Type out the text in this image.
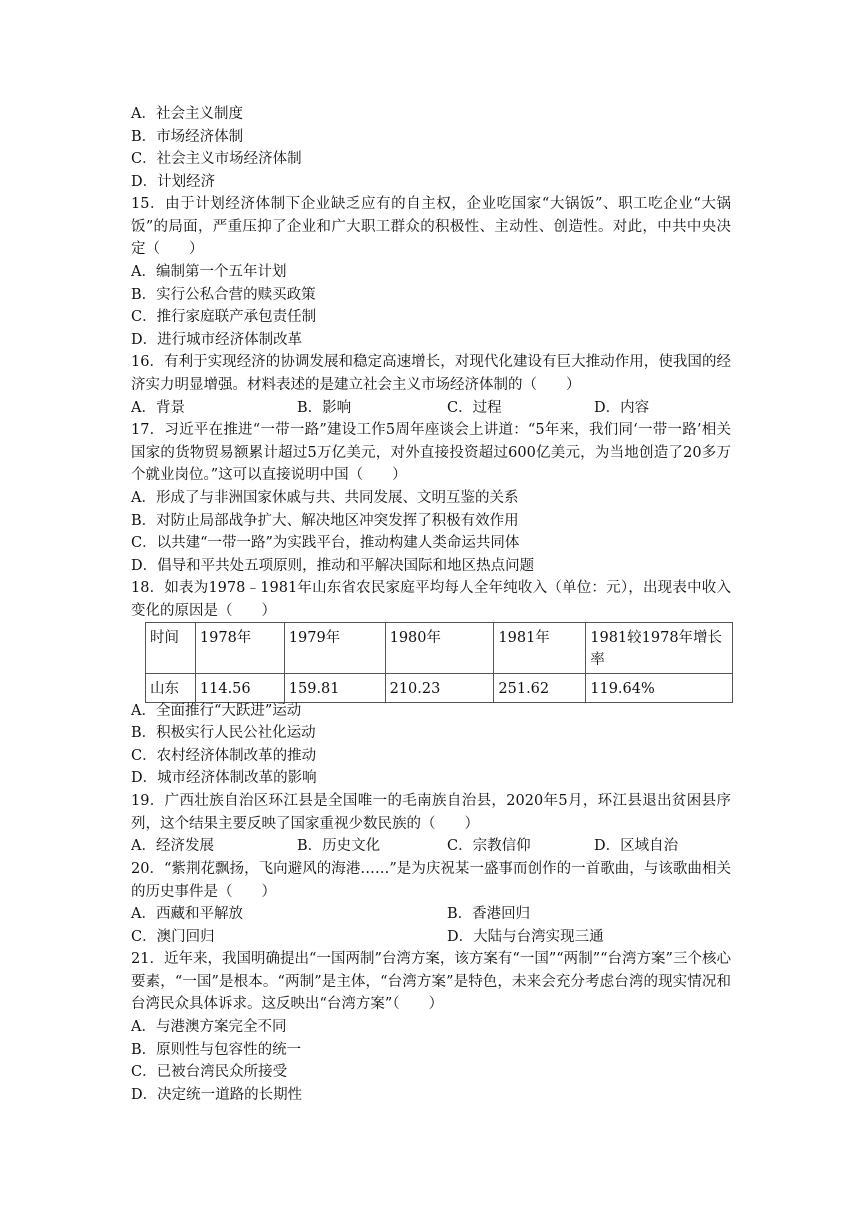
A．社会主义制度
B．市场经济体制
C．社会主义市场经济体制
D．计划经济
15．由于计划经济体制下企业缺乏应有的自主权，企业吃国家“大锅饭”、职工吃企业“大锅饭”的局面，严重压抑了企业和广大职工群众的积极性、主动性、创造性。对此，中共中央决定（　　）
A．编制第一个五年计划
B．实行公私合营的赎买政策
C．推行家庭联产承包责任制
D．进行城市经济体制改革
16．有利于实现经济的协调发展和稳定高速增长，对现代化建设有巨大推动作用，使我国的经济实力明显增强。材料表述的是建立社会主义市场经济体制的（　　）
A．背景	B．影响	C．过程	D．内容
17．习近平在推进“一带一路”建设工作5周年座谈会上讲道：“5年来，我们同‘一带一路’相关国家的货物贸易额累计超过5万亿美元，对外直接投资超过600亿美元，为当地创造了20多万个就业岗位。”这可以直接说明中国（　　）
A．形成了与非洲国家休戚与共、共同发展、文明互鉴的关系
B．对防止局部战争扩大、解决地区冲突发挥了积极有效作用
C．以共建“一带一路”为实践平台，推动构建人类命运共同体
D．倡导和平共处五项原则，推动和平解决国际和地区热点问题
18．如表为1978﹣1981年山东省农民家庭平均每人全年纯收入（单位：元），出现表中收入变化的原因是（　　）
时间	1978年	1979年	1980年	1981年	1981较1978年增长率
山东	114.56	159.81	210.23	251.62	119.64%
A．全面推行“大跃进”运动
B．积极实行人民公社化运动
C．农村经济体制改革的推动
D．城市经济体制改革的影响
19．广西壮族自治区环江县是全国唯一的毛南族自治县，2020年5月，环江县退出贫困县序列，这个结果主要反映了国家重视少数民族的（　　）
A．经济发展	B．历史文化	C．宗教信仰	D．区域自治
20．“紫荆花飘扬，飞向避风的海港……”是为庆祝某一盛事而创作的一首歌曲，与该歌曲相关的历史事件是（　　）
A．西藏和平解放	B．香港回归
C．澳门回归	D．大陆与台湾实现三通
21．近年来，我国明确提出“一国两制”台湾方案，该方案有“一国”“两制”“台湾方案”三个核心要素，“一国”是根本。“两制”是主体，“台湾方案”是特色，未来会充分考虑台湾的现实情况和台湾民众具体诉求。这反映出“台湾方案”（　　）
A．与港澳方案完全不同
B．原则性与包容性的统一
C．已被台湾民众所接受
D．决定统一道路的长期性
